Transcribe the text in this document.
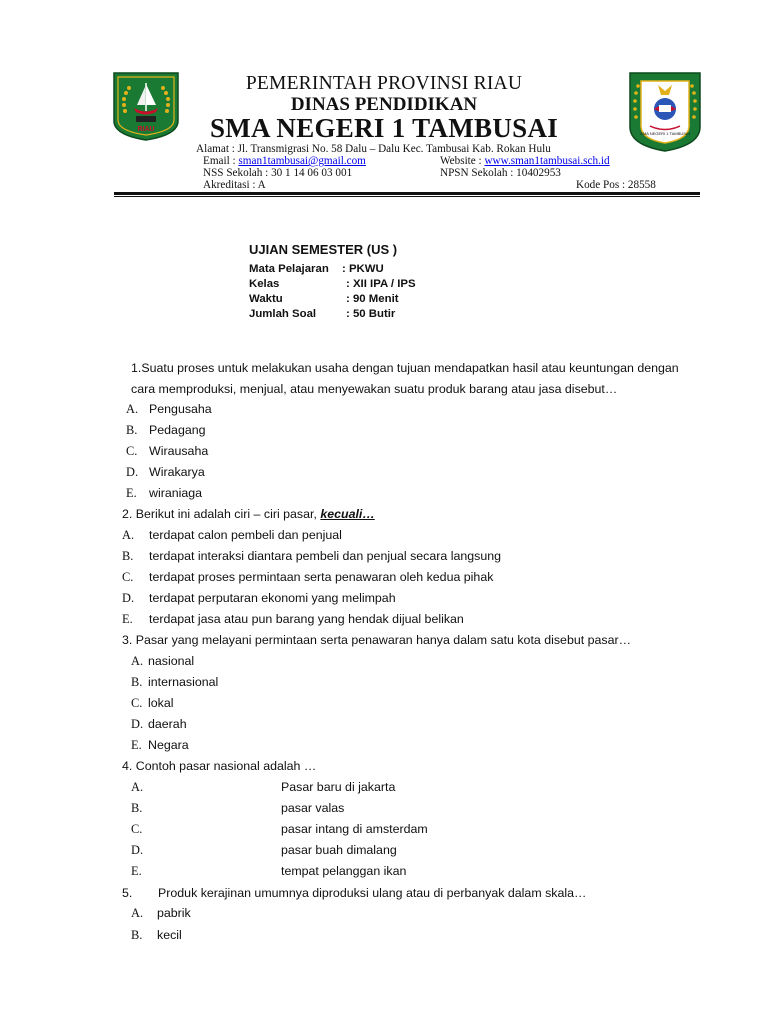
RIAU
SMA NEGERI 1 TAMBUSAI
PEMERINTAH PROVINSI RIAU
DINAS PENDIDIKAN
SMA NEGERI 1 TAMBUSAI
Alamat : Jl. Transmigrasi No. 58 Dalu – Dalu Kec. Tambusai Kab. Rokan Hulu
Email : sman1tambusai@gmail.com	Website : www.sman1tambusai.sch.id
NSS Sekolah : 30 1 14 06 03 001	NPSN Sekolah : 10402953
Akreditasi : A	Kode Pos : 28558
UJIAN SEMESTER (US )
Mata Pelajaran : PKWU
Kelas	: XII IPA / IPS
Waktu	: 90 Menit
Jumlah Soal	: 50 Butir
1.Suatu proses untuk melakukan usaha dengan tujuan mendapatkan hasil atau keuntungan dengan
cara memproduksi, menjual, atau menyewakan suatu produk barang atau jasa disebut…
A. Pengusaha
B. Pedagang
C. Wirausaha
D. Wirakarya
E. wiraniaga
2. Berikut ini adalah ciri – ciri pasar, kecuali…
A. terdapat calon pembeli dan penjual
B. terdapat interaksi diantara pembeli dan penjual secara langsung
C. terdapat proses permintaan serta penawaran oleh kedua pihak
D. terdapat perputaran ekonomi yang melimpah
E. terdapat jasa atau pun barang yang hendak dijual belikan
3. Pasar yang melayani permintaan serta penawaran hanya dalam satu kota disebut pasar…
A. nasional
B. internasional
C. lokal
D. daerah
E. Negara
4. Contoh pasar nasional adalah …
A.	Pasar baru di jakarta
B.	pasar valas
C.	pasar intang di amsterdam
D.	pasar buah dimalang
E.	tempat pelanggan ikan
5. Produk kerajinan umumnya diproduksi ulang atau di perbanyak dalam skala…
A. pabrik
B. kecil
